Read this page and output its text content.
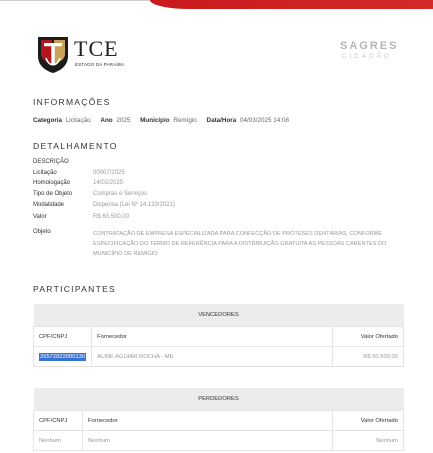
TCE
ESTADO DA PARAÍBA
SAGRES
CIDADÃO
INFORMAÇÕES
Categoria Licitação Ano 2025 Município Remígio Data/Hora 04/03/2025 14:08
DETALHAMENTO
DESCRIÇÃO
Licitação	00007/2025
Homologação	14/02/2025
Tipo de Objeto	Compras e Serviços
Modalidade	Dispensa (Lei Nº 14.133/2021)
Valor	R$ 60.500,00
Objeto	CONTRATAÇÃO DE EMPRESA ESPECIALIZADA PARA CONFECÇÃO DE PRÓTESES DENTÁRIAS, CONFORME ESPECIFICAÇÃO DO TERMO DE REFERÊNCIA PARA A DISTRIBUIÇÃO GRATUITA AS PESSOAS CARENTES DO MUNICÍPIO DE REMÍGIO
PARTICIPANTES
VENCEDORES		
CPF/CNPJ	Fornecedor	Valor Ofertado
26572822000130	ALINE AGUIAR ROCHA - ME	R$ 60.500,00
PERDEDORES		
CPF/CNPJ	Fornecedor	Valor Ofertado
Nenhum	Nenhum	Nenhum
